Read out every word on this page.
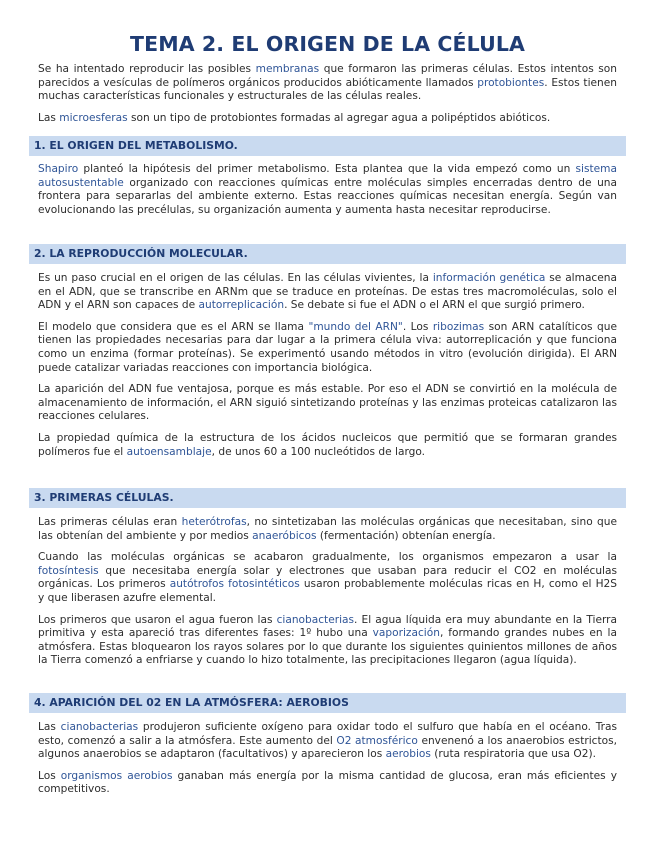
TEMA 2. EL ORIGEN DE LA CÉLULA

Se ha intentado reproducir las posibles membranas que formaron las primeras células. Estos intentos son parecidos a vesículas de polímeros orgánicos producidos abióticamente llamados protobiontes. Estos tienen muchas características funcionales y estructurales de las células reales.

Las microesferas son un tipo de protobiontes formadas al agregar agua a polipéptidos abióticos.

1. EL ORIGEN DEL METABOLISMO.

Shapiro planteó la hipótesis del primer metabolismo. Esta plantea que la vida empezó como un sistema autosustentable organizado con reacciones químicas entre moléculas simples encerradas dentro de una frontera para separarlas del ambiente externo. Estas reacciones químicas necesitan energía. Según van evolucionando las precélulas, su organización aumenta y aumenta hasta necesitar reproducirse.

2. LA REPRODUCCIÓN MOLECULAR.

Es un paso crucial en el origen de las células. En las células vivientes, la información genética se almacena en el ADN, que se transcribe en ARNm que se traduce en proteínas. De estas tres macromoléculas, solo el ADN y el ARN son capaces de autorreplicación. Se debate si fue el ADN o el ARN el que surgió primero.

El modelo que considera que es el ARN se llama "mundo del ARN". Los ribozimas son ARN catalíticos que tienen las propiedades necesarias para dar lugar a la primera célula viva: autorreplicación y que funciona como un enzima (formar proteínas). Se experimentó usando métodos in vitro (evolución dirigida). El ARN puede catalizar variadas reacciones con importancia biológica.

La aparición del ADN fue ventajosa, porque es más estable. Por eso el ADN se convirtió en la molécula de almacenamiento de información, el ARN siguió sintetizando proteínas y las enzimas proteicas catalizaron las reacciones celulares.

La propiedad química de la estructura de los ácidos nucleicos que permitió que se formaran grandes polímeros fue el autoensamblaje, de unos 60 a 100 nucleótidos de largo.

3. PRIMERAS CÉLULAS.

Las primeras células eran heterótrofas, no sintetizaban las moléculas orgánicas que necesitaban, sino que las obtenían del ambiente y por medios anaeróbicos (fermentación) obtenían energía.

Cuando las moléculas orgánicas se acabaron gradualmente, los organismos empezaron a usar la fotosíntesis que necesitaba energía solar y electrones que usaban para reducir el CO2 en moléculas orgánicas. Los primeros autótrofos fotosintéticos usaron probablemente moléculas ricas en H, como el H2S y que liberasen azufre elemental.

Los primeros que usaron el agua fueron las cianobacterias. El agua líquida era muy abundante en la Tierra primitiva y esta apareció tras diferentes fases: 1º hubo una vaporización, formando grandes nubes en la atmósfera. Estas bloquearon los rayos solares por lo que durante los siguientes quinientos millones de años la Tierra comenzó a enfriarse y cuando lo hizo totalmente, las precipitaciones llegaron (agua líquida).

4. APARICIÓN DEL 02 EN LA ATMÓSFERA: AEROBIOS

Las cianobacterias produjeron suficiente oxígeno para oxidar todo el sulfuro que había en el océano. Tras esto, comenzó a salir a la atmósfera. Este aumento del O2 atmosférico envenenó a los anaerobios estrictos, algunos anaerobios se adaptaron (facultativos) y aparecieron los aerobios (ruta respiratoria que usa O2).

Los organismos aerobios ganaban más energía por la misma cantidad de glucosa, eran más eficientes y competitivos.
